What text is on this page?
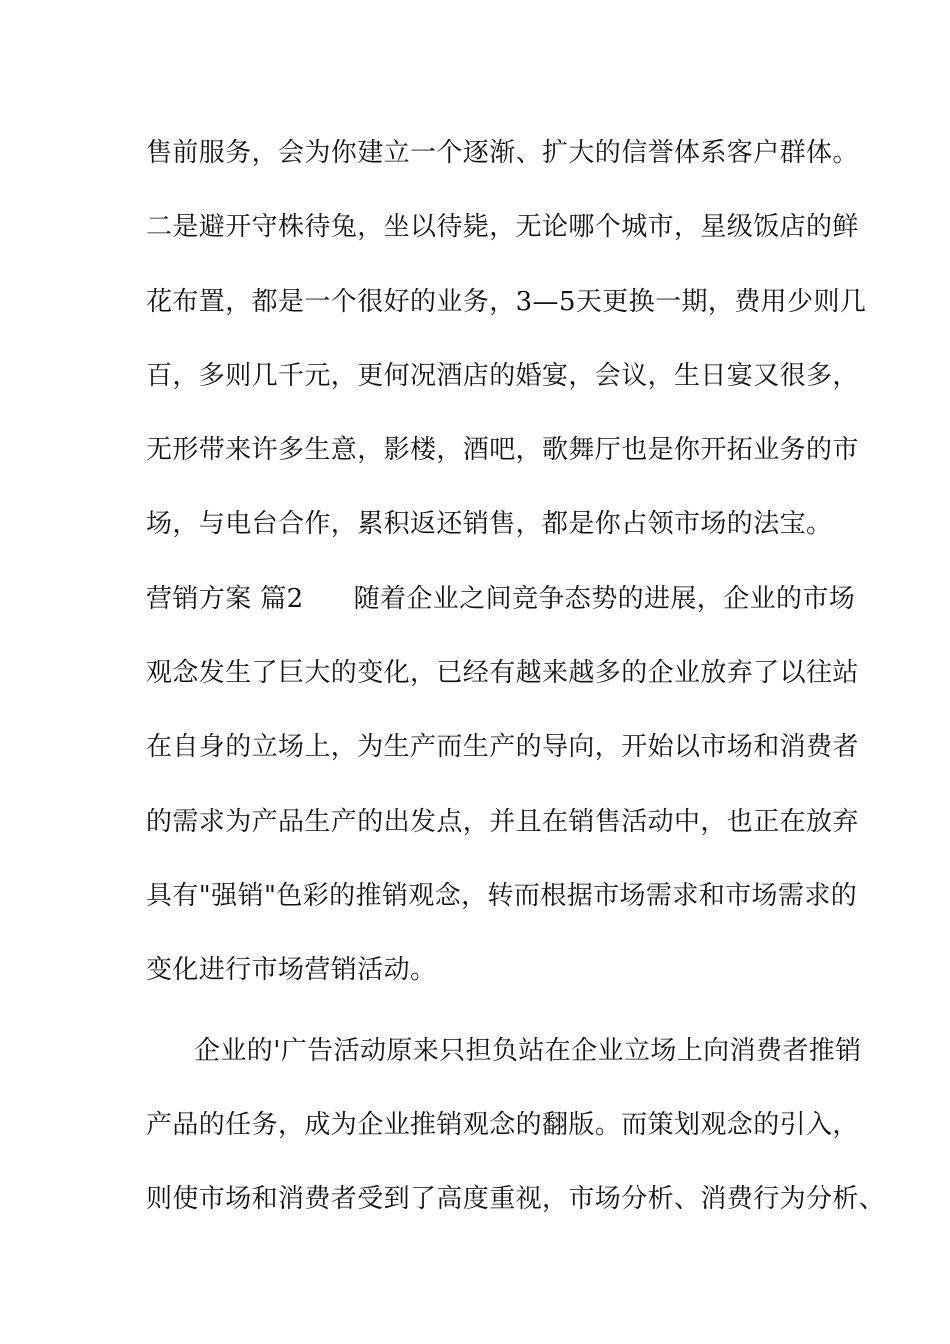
售前服务，会为你建立一个逐渐、扩大的信誉体系客户群体。
二是避开守株待兔，坐以待毙，无论哪个城市，星级饭店的鲜
花布置，都是一个很好的业务，3—5天更换一期，费用少则几
百，多则几千元，更何况酒店的婚宴，会议，生日宴又很多，
无形带来许多生意，影楼，酒吧，歌舞厅也是你开拓业务的市
场，与电台合作，累积返还销售，都是你占领市场的法宝。
营销方案 篇2 随着企业之间竞争态势的进展，企业的市场
观念发生了巨大的变化，已经有越来越多的企业放弃了以往站
在自身的立场上，为生产而生产的导向，开始以市场和消费者
的需求为产品生产的出发点，并且在销售活动中，也正在放弃
具有"强销"色彩的推销观念，转而根据市场需求和市场需求的
变化进行市场营销活动。
企业的'广告活动原来只担负站在企业立场上向消费者推销
产品的任务，成为企业推销观念的翻版。而策划观念的引入，
则使市场和消费者受到了高度重视，市场分析、消费行为分析、
